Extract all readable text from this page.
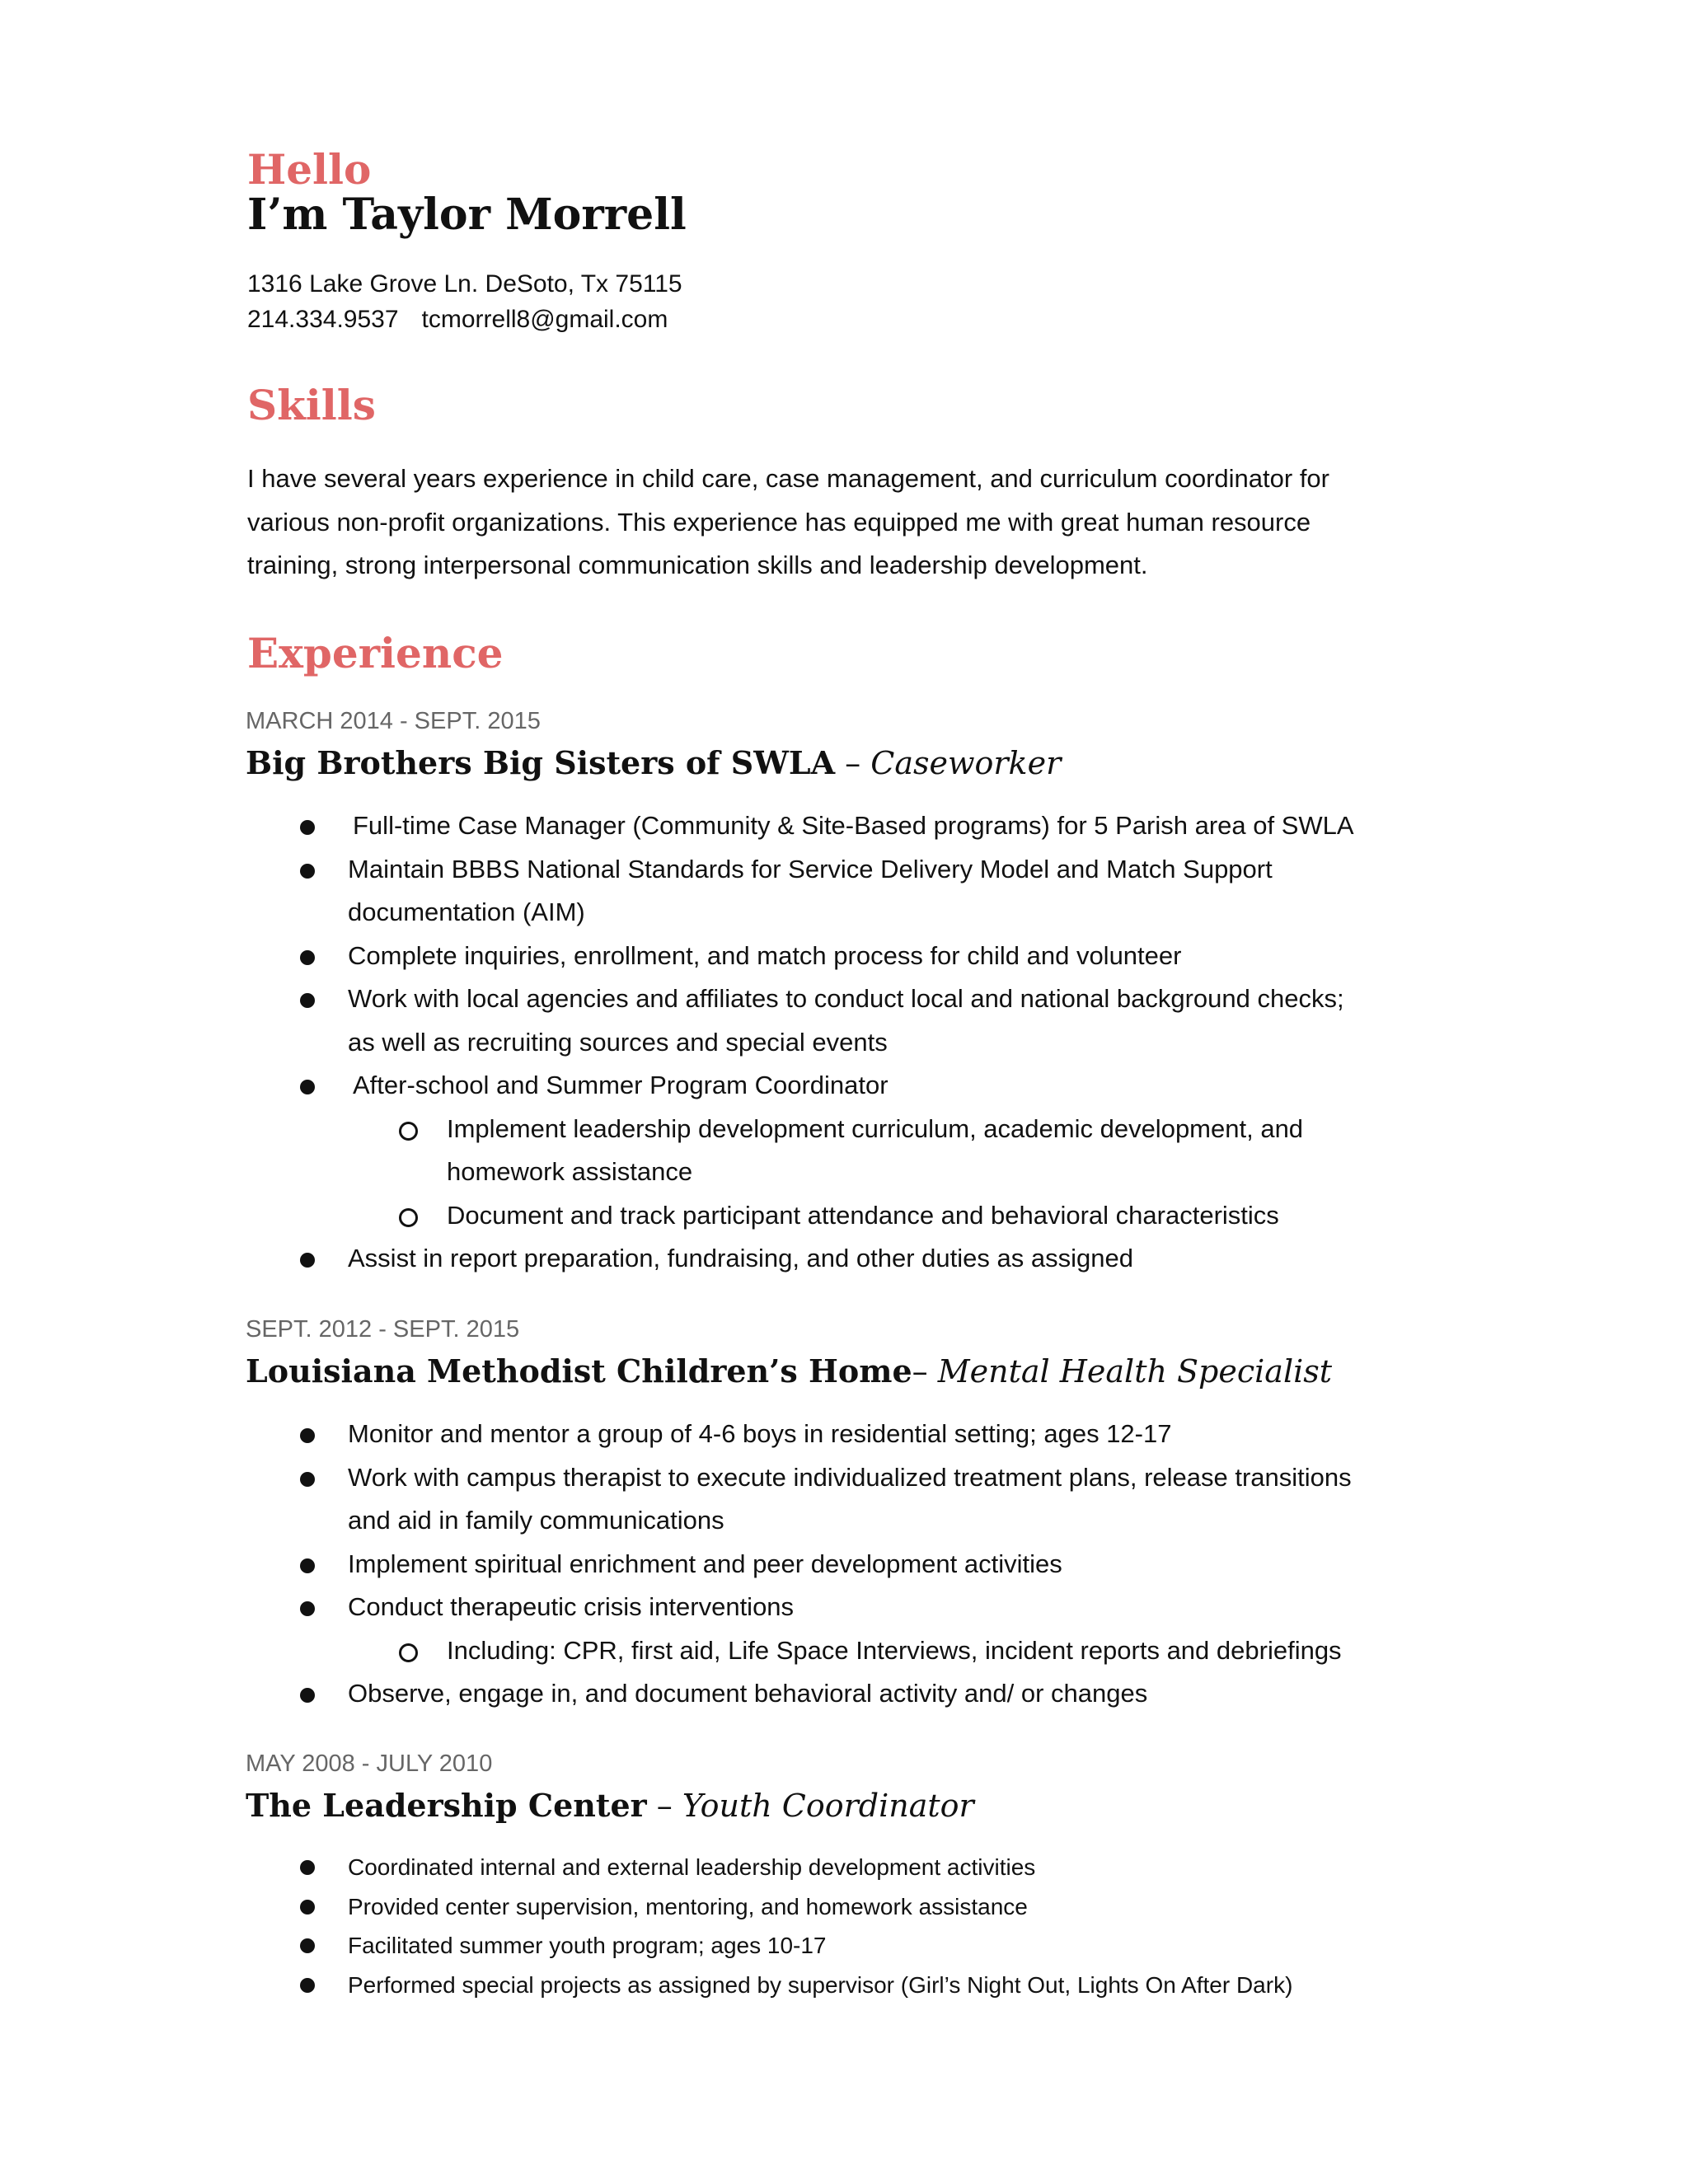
Hello
I’m Taylor Morrell
1316 Lake Grove Ln. DeSoto, Tx 75115
214.334.9537 tcmorrell8@gmail.com
Skills
I have several years experience in child care, case management, and curriculum coordinator for various non-profit organizations. This experience has equipped me with great human resource training, strong interpersonal communication skills and leadership development.
Experience
MARCH 2014 - SEPT. 2015
Big Brothers Big Sisters of SWLA – Caseworker
Full-time Case Manager (Community & Site-Based programs) for 5 Parish area of SWLA
Maintain BBBS National Standards for Service Delivery Model and Match Support documentation (AIM)
Complete inquiries, enrollment, and match process for child and volunteer
Work with local agencies and affiliates to conduct local and national background checks; as well as recruiting sources and special events
After-school and Summer Program Coordinator
Implement leadership development curriculum, academic development, and homework assistance
Document and track participant attendance and behavioral characteristics
Assist in report preparation, fundraising, and other duties as assigned
SEPT. 2012 - SEPT. 2015
Louisiana Methodist Children’s Home– Mental Health Specialist
Monitor and mentor a group of 4-6 boys in residential setting; ages 12-17
Work with campus therapist to execute individualized treatment plans, release transitions and aid in family communications
Implement spiritual enrichment and peer development activities
Conduct therapeutic crisis interventions
Including: CPR, first aid, Life Space Interviews, incident reports and debriefings
Observe, engage in, and document behavioral activity and/ or changes
MAY 2008 - JULY 2010
The Leadership Center – Youth Coordinator
Coordinated internal and external leadership development activities
Provided center supervision, mentoring, and homework assistance
Facilitated summer youth program; ages 10-17
Performed special projects as assigned by supervisor (Girl’s Night Out, Lights On After Dark)
